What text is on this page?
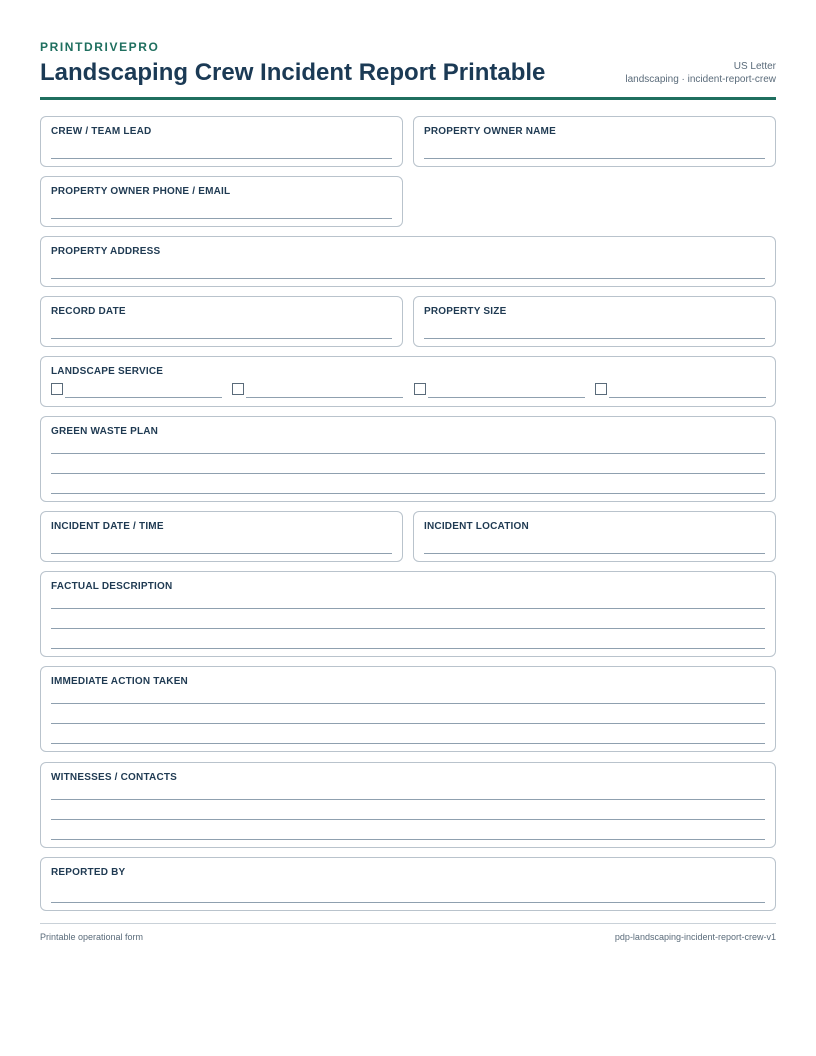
PRINTDRIVEPRO
Landscaping Crew Incident Report Printable	US Letter
landscaping · incident-report-crew
CREW / TEAM LEAD	PROPERTY OWNER NAME
PROPERTY OWNER PHONE / EMAIL
PROPERTY ADDRESS
RECORD DATE	PROPERTY SIZE
LANDSCAPE SERVICE
GREEN WASTE PLAN
INCIDENT DATE / TIME	INCIDENT LOCATION
FACTUAL DESCRIPTION
IMMEDIATE ACTION TAKEN
WITNESSES / CONTACTS
REPORTED BY
Printable operational form	pdp-landscaping-incident-report-crew-v1
